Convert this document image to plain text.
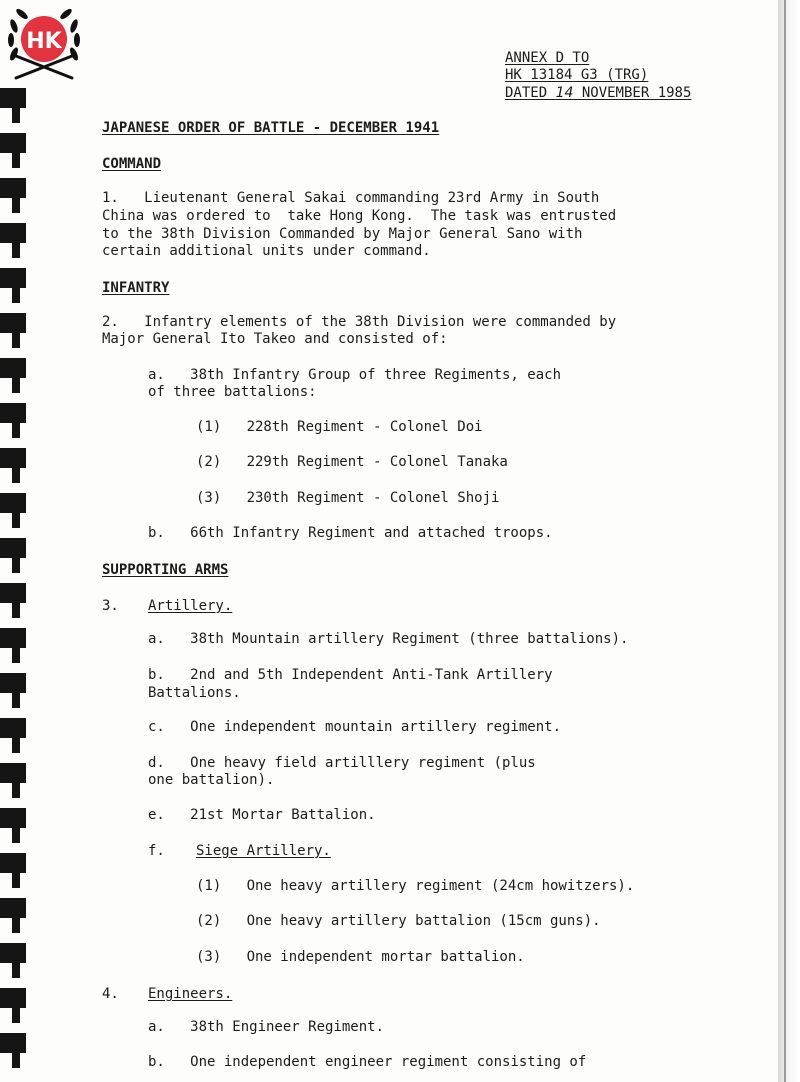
HK

ANNEX D TO

HK 13184 G3 (TRG)

DATED 14 NOVEMBER 1985

JAPANESE ORDER OF BATTLE - DECEMBER 1941

COMMAND

1.   Lieutenant General Sakai commanding 23rd Army in South

China was ordered to  take Hong Kong.  The task was entrusted

to the 38th Division Commanded by Major General Sano with

certain additional units under command.

INFANTRY

2.   Infantry elements of the 38th Division were commanded by

Major General Ito Takeo and consisted of:

a.   38th Infantry Group of three Regiments, each

of three battalions:

(1)   228th Regiment - Colonel Doi

(2)   229th Regiment - Colonel Tanaka

(3)   230th Regiment - Colonel Shoji

b.   66th Infantry Regiment and attached troops.

SUPPORTING ARMS

3. Artillery.

a.   38th Mountain artillery Regiment (three battalions).

b.   2nd and 5th Independent Anti-Tank Artillery

Battalions.

c.   One independent mountain artillery regiment.

d.   One heavy field artilllery regiment (plus

one battalion).

e.   21st Mortar Battalion.

f. Siege Artillery.

(1)   One heavy artillery regiment (24cm howitzers).

(2)   One heavy artillery battalion (15cm guns).

(3)   One independent mortar battalion.

4. Engineers.

a.   38th Engineer Regiment.

b.   One independent engineer regiment consisting of
